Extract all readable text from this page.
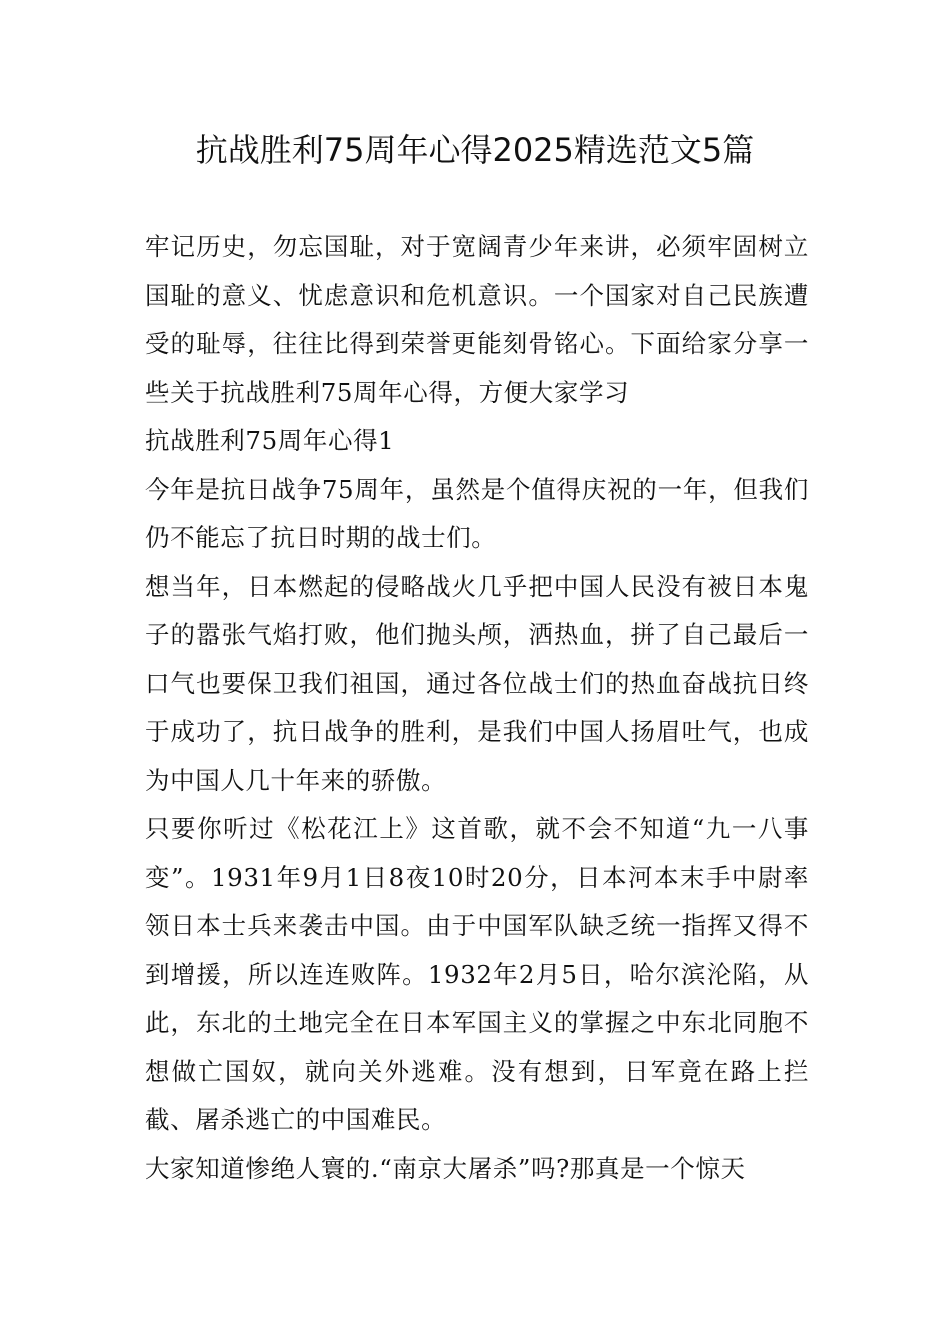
抗战胜利75周年心得2025精选范文5篇

牢记历史，勿忘国耻，对于宽阔青少年来讲，必须牢固树立国耻的意义、忧虑意识和危机意识。一个国家对自己民族遭受的耻辱，往往比得到荣誉更能刻骨铭心。下面给家分享一些关于抗战胜利75周年心得，方便大家学习

抗战胜利75周年心得1

今年是抗日战争75周年，虽然是个值得庆祝的一年，但我们仍不能忘了抗日时期的战士们。

想当年，日本燃起的侵略战火几乎把中国人民没有被日本鬼子的嚣张气焰打败，他们抛头颅，洒热血，拼了自己最后一口气也要保卫我们祖国，通过各位战士们的热血奋战抗日终于成功了，抗日战争的胜利，是我们中国人扬眉吐气，也成为中国人几十年来的骄傲。

只要你听过《松花江上》这首歌，就不会不知道“九一八事变”。1931年9月1日8夜10时20分，日本河本末手中尉率领日本士兵来袭击中国。由于中国军队缺乏统一指挥又得不到增援，所以连连败阵。1932年2月5日，哈尔滨沦陷，从此，东北的土地完全在日本军国主义的掌握之中东北同胞不想做亡国奴，就向关外逃难。没有想到，日军竟在路上拦截、屠杀逃亡的中国难民。

大家知道惨绝人寰的.“南京大屠杀”吗?那真是一个惊天
